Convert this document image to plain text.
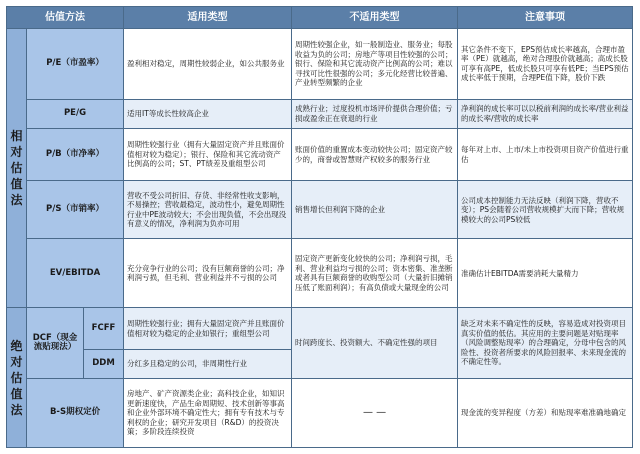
估值方法			适用类型	不适用类型	注意事项
相对估值法	P/E（市盈率）		盈利相对稳定，周期性较弱企业，如公共服务业	周期性较强企业，如一般制造业、服务业；每股收益为负的公司；房地产等项目性较强的公司；银行、保险和其它流动资产比例高的公司；难以寻找可比性很强的公司；多元化经营比较普遍、产业转型频繁的企业	其它条件不变下，EPS预估成长率越高，合理市盈率（PE）就越高，绝对合理股价就越高；高成长股可享有高PE，低成长股只可享有低PE；当EPS预估成长率低于预期，合理PE值下降，股价下跌
	PE/G		适用IT等成长性较高企业	成熟行业；过度投机市场评价提供合理价值；亏损或盈余正在衰退的行业	净利润的成长率可以以税前利润的成长率/营业利益的成长率/营收的成长率
	P/B（市净率）		周期性较强行业（拥有大量固定资产并且账面价值相对较为稳定）；银行、保险和其它流动资产比例高的公司；ST、PT绩差及重组型公司	账面价值的重置成本变动较快公司；固定资产较少的，商誉或智慧财产权较多的服务行业	每年对上市、上市/未上市投资项目资产价值进行重估
	P/S（市销率）		营收不受公司折旧、存货、非经常性收支影响，不易操控；营收最稳定，波动性小，避免周期性行业中PE波动较大；不会出现负值，不会出现没有意义的情况，净利润为负亦可用	销售增长但利润下降的企业	公司成本控制能力无法反映（利润下降，营收不变）；PS会随着公司营收规模扩大而下降；营收规模较大的公司PS较低
	EV/EBITDA		充分竞争行业的公司；没有巨额商誉的公司；净利润亏损，但毛利、营业利益并不亏损的公司	固定资产更新变化较快的公司；净利润亏损，毛利、营业利益均亏损的公司；资本密集、准垄断或者具有巨额商誉的收购型公司（大量折旧摊销压低了账面利润）；有高负债或大量现金的公司	准确估计EBITDA需要消耗大量精力
绝对估值法	DCF（现金流贴现法）	FCFF	周期性较强行业；拥有大量固定资产并且账面价值相对较为稳定的企业如银行；重组型公司	时间跨度长、投资额大、不确定性强的项目	缺乏对未来不确定性的反映，容易造成对投资项目真实价值的低估。其应用的主要问题是对贴现率（风险调整贴现率）的合理确定，分母中包含的风险性、投资者所要求的风险回报率、未来现金流的不确定性等。
		DDM	分红多且稳定的公司，非周期性行业		
	B-S期权定价		房地产、矿产资源类企业；高科技企业，如知识更新速度快，产品生命周期短、技术创新等事高和企业外部环境不确定性大；拥有专有技术与专利权的企业；研究开发项目（R&D）的投资决策；多阶段连续投资	— —	现金流的变异程度（方差）和贴现率难准确地确定
